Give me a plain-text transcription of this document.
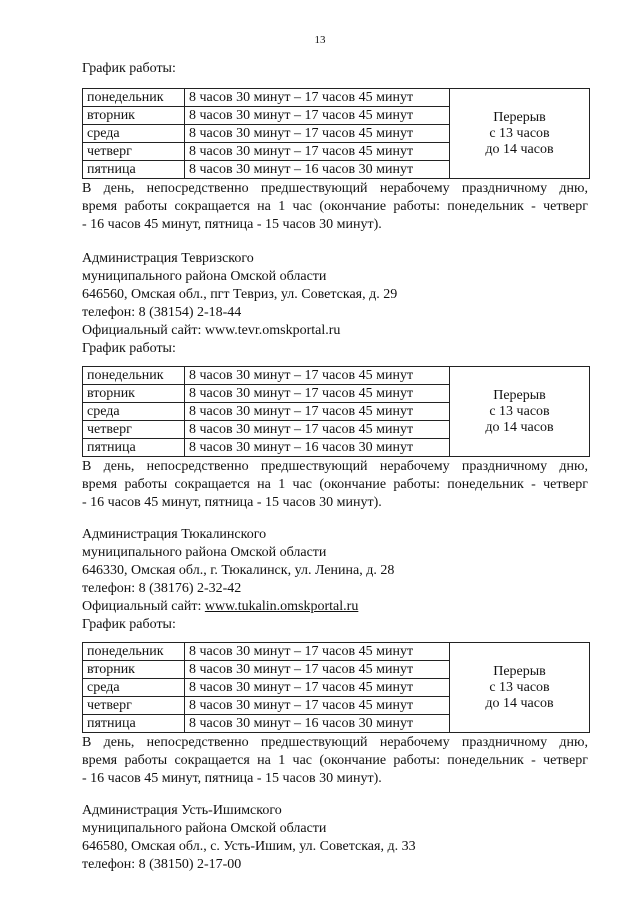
13
График работы:
понедельник	8 часов 30 минут – 17 часов 45 минут	Перерыв
с 13 часов
до 14 часов

вторник	8 часов 30 минут – 17 часов 45 минут	
среда	8 часов 30 минут – 17 часов 45 минут	
четверг	8 часов 30 минут – 17 часов 45 минут	
пятница	8 часов 30 минут – 16 часов 30 минут	
В день, непосредственно предшествующий нерабочему праздничному дню,
время работы сокращается на 1 час (окончание работы: понедельник - четверг
- 16 часов 45 минут, пятница - 15 часов 30 минут).
Администрация Тевризского
муниципального района Омской области
646560, Омская обл., пгт Тевриз, ул. Советская, д. 29
телефон: 8 (38154) 2-18-44
Официальный сайт: www.tevr.omskportal.ru
График работы:
понедельник	8 часов 30 минут – 17 часов 45 минут	Перерыв
с 13 часов
до 14 часов

вторник	8 часов 30 минут – 17 часов 45 минут	
среда	8 часов 30 минут – 17 часов 45 минут	
четверг	8 часов 30 минут – 17 часов 45 минут	
пятница	8 часов 30 минут – 16 часов 30 минут	
В день, непосредственно предшествующий нерабочему праздничному дню,
время работы сокращается на 1 час (окончание работы: понедельник - четверг
- 16 часов 45 минут, пятница - 15 часов 30 минут).
Администрация Тюкалинского
муниципального района Омской области
646330, Омская обл., г. Тюкалинск, ул. Ленина, д. 28
телефон: 8 (38176) 2-32-42
Официальный сайт: www.tukalin.omskportal.ru
График работы:
понедельник	8 часов 30 минут – 17 часов 45 минут	Перерыв
с 13 часов
до 14 часов

вторник	8 часов 30 минут – 17 часов 45 минут	
среда	8 часов 30 минут – 17 часов 45 минут	
четверг	8 часов 30 минут – 17 часов 45 минут	
пятница	8 часов 30 минут – 16 часов 30 минут	
В день, непосредственно предшествующий нерабочему праздничному дню,
время работы сокращается на 1 час (окончание работы: понедельник - четверг
- 16 часов 45 минут, пятница - 15 часов 30 минут).
Администрация Усть-Ишимского
муниципального района Омской области
646580, Омская обл., с. Усть-Ишим, ул. Советская, д. 33
телефон: 8 (38150) 2-17-00
